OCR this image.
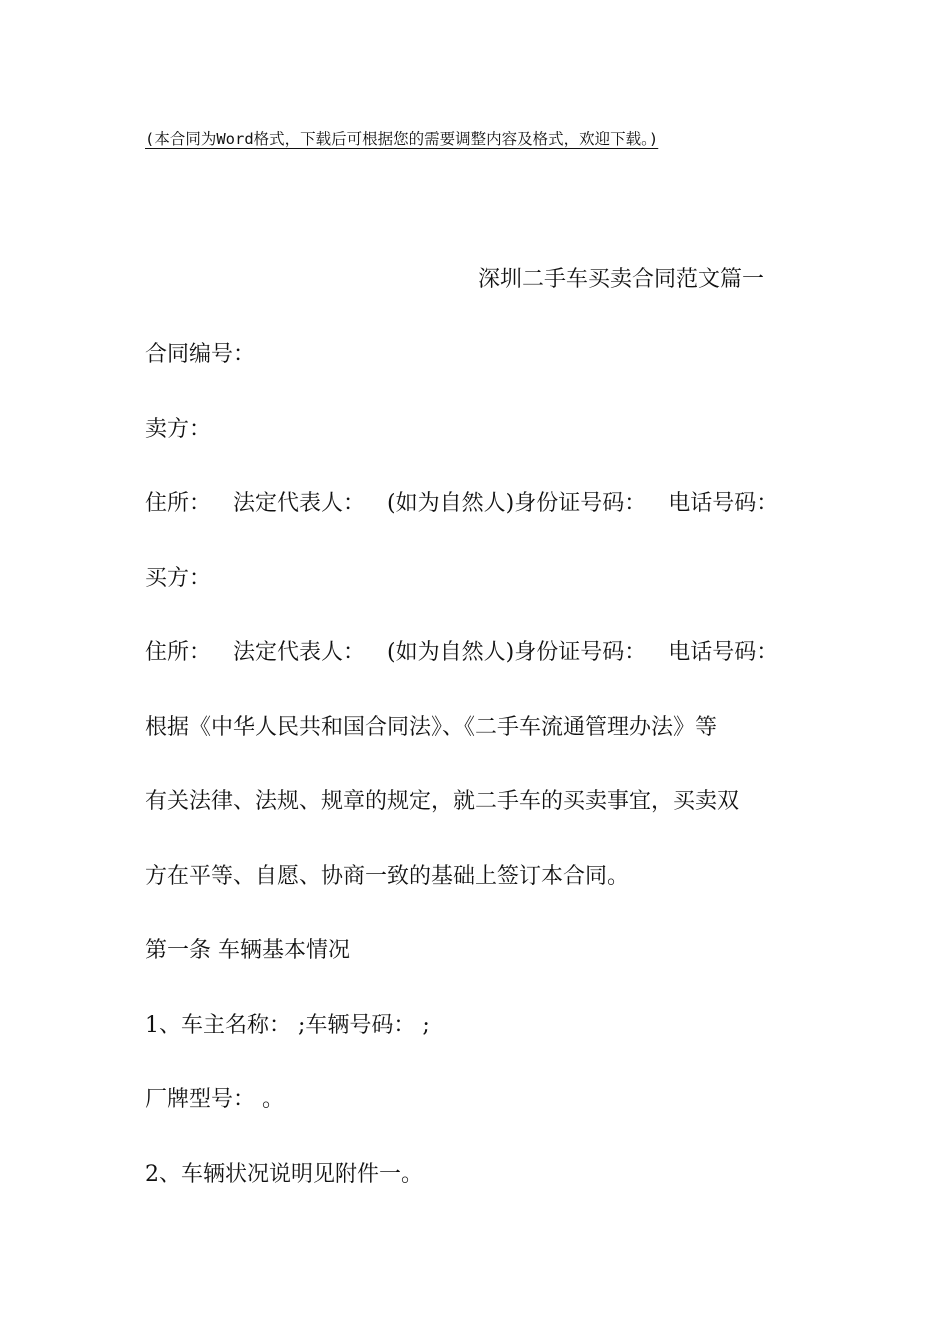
(本合同为Word格式，下载后可根据您的需要调整内容及格式，欢迎下载。)
深圳二手车买卖合同范文篇一
合同编号：
卖方：
住所： 法定代表人： (如为自然人)身份证号码： 电话号码：
买方：
住所： 法定代表人： (如为自然人)身份证号码： 电话号码：
根据《中华人民共和国合同法》、《二手车流通管理办法》等
有关法律、法规、规章的规定，就二手车的买卖事宜，买卖双
方在平等、自愿、协商一致的基础上签订本合同。
第一条 车辆基本情况
1、车主名称： ;车辆号码： ;
厂牌型号： 。
2、车辆状况说明见附件一。
